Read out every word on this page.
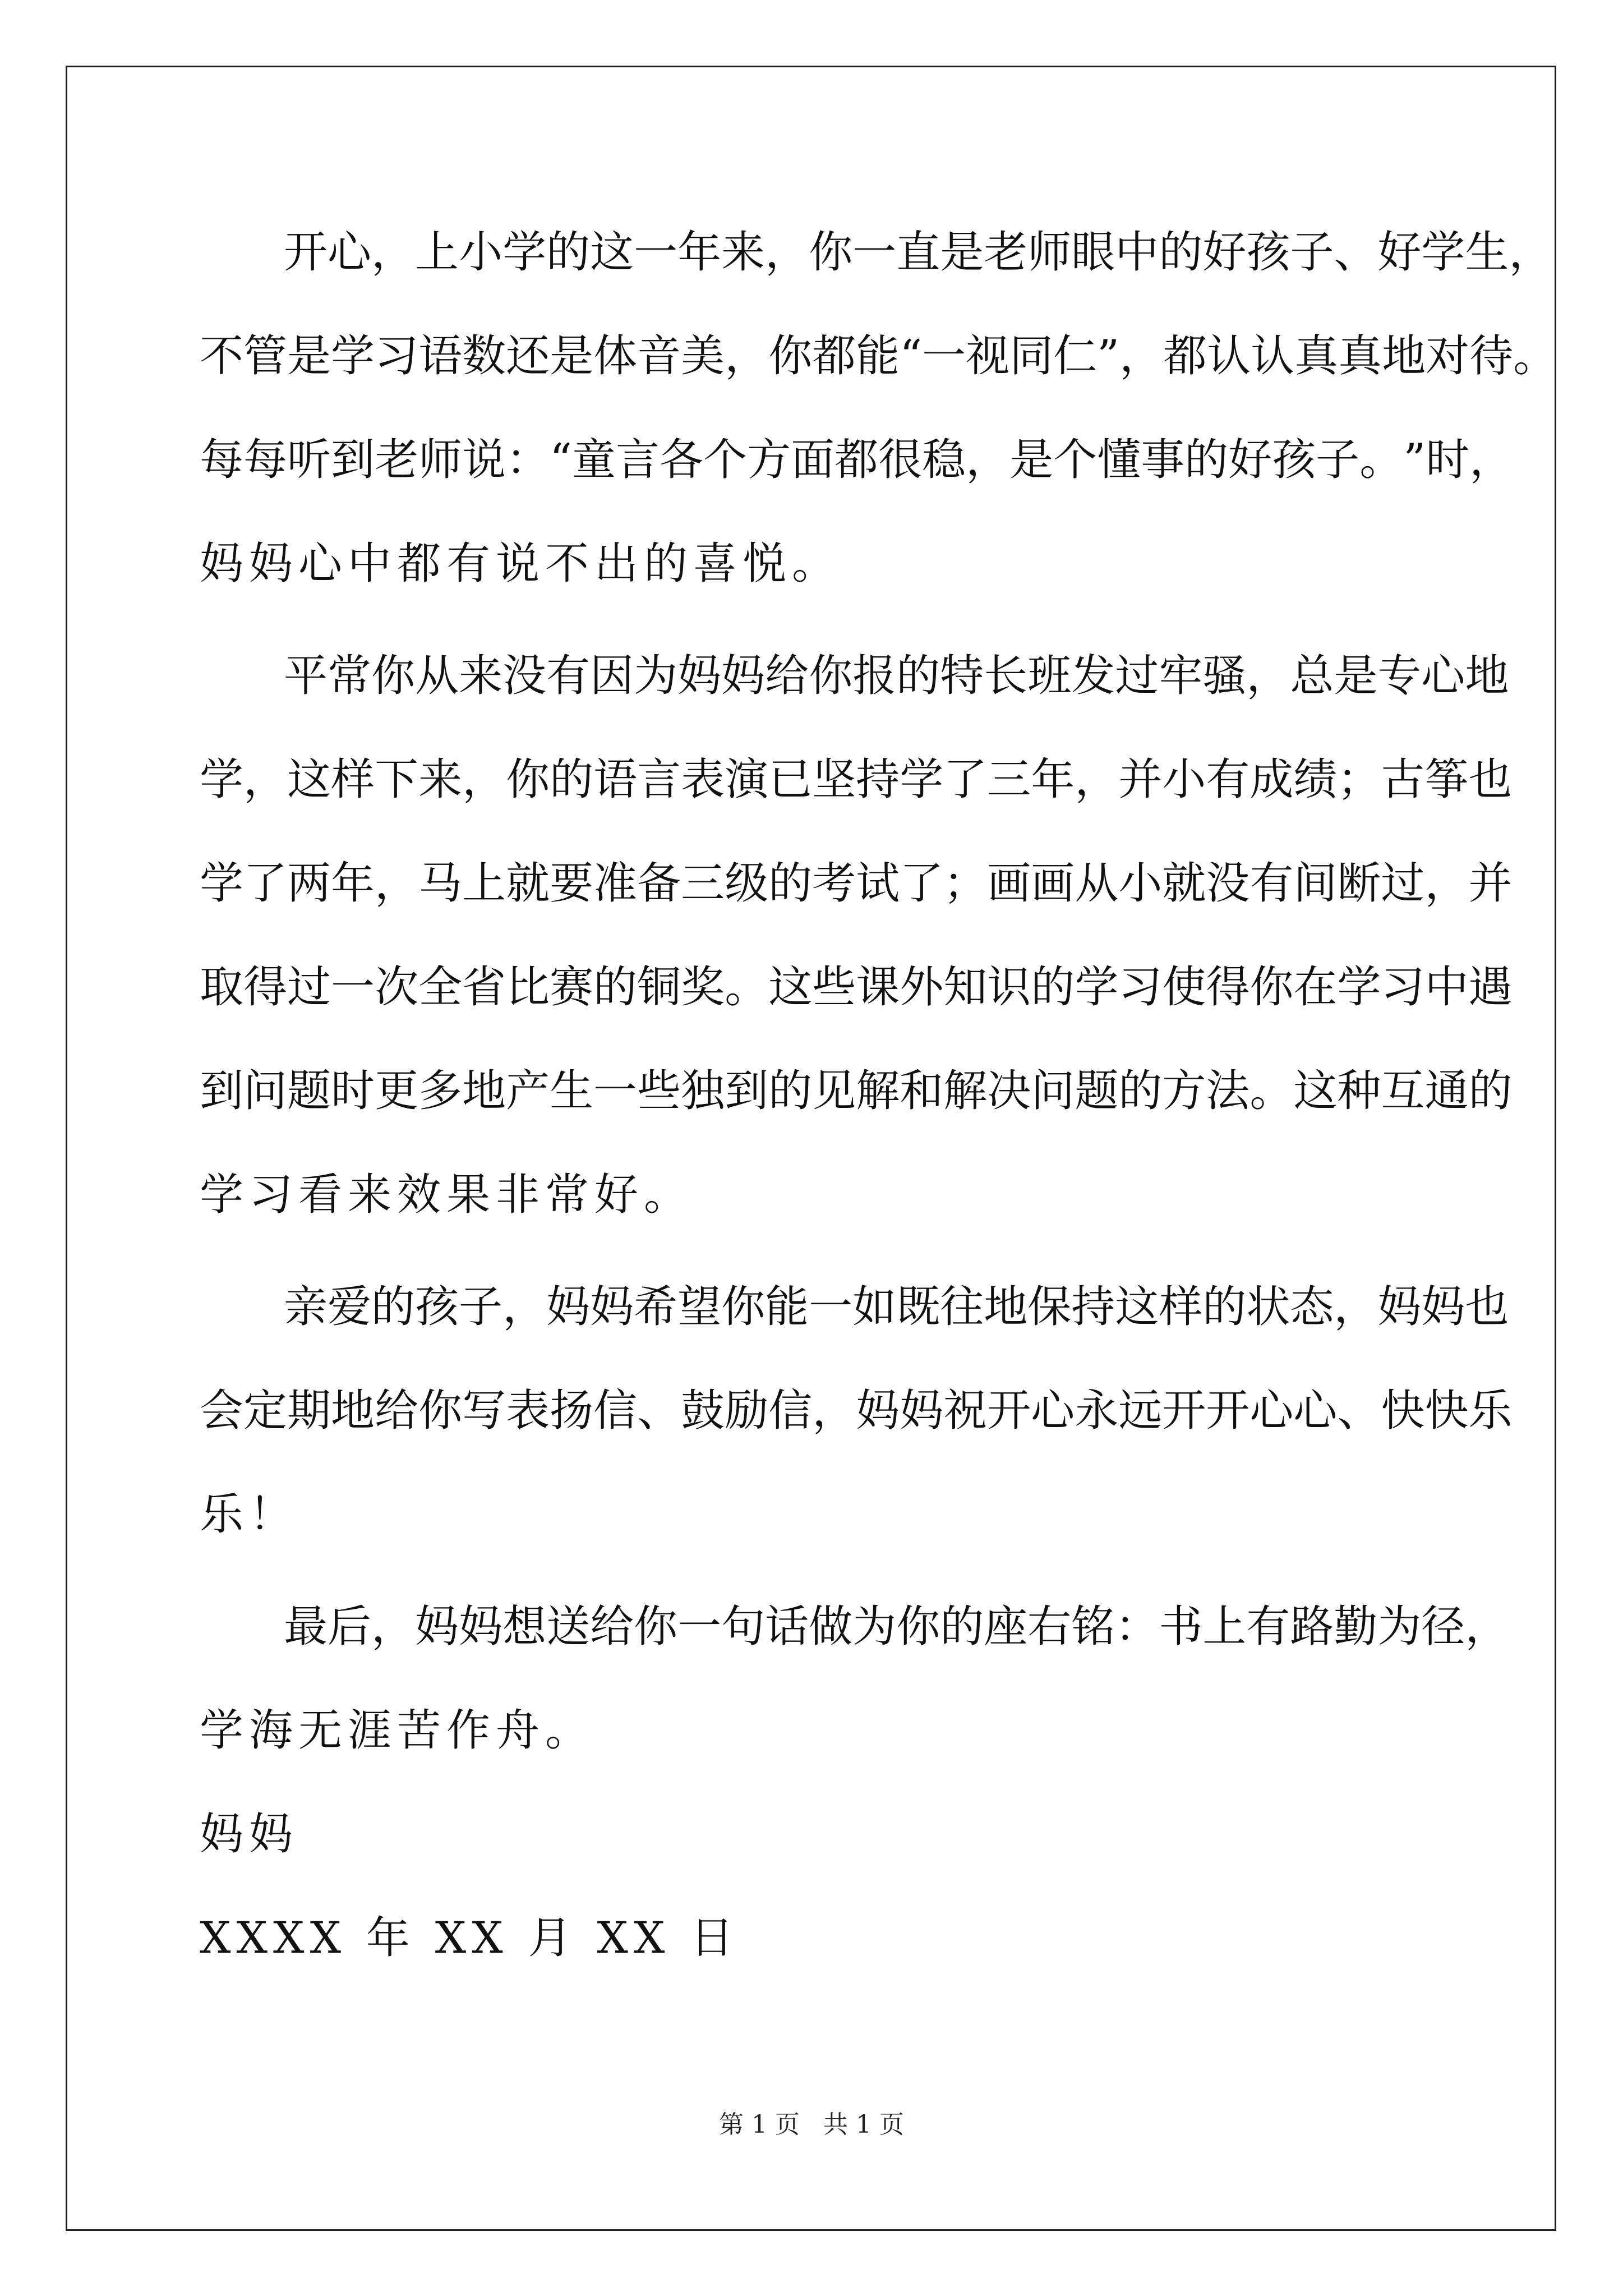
开 心 ， 上 小 学 的 这 一 年 来 ， 你 一 直 是 老 师 眼 中 的 好 孩 子 、 好 学 生 ，
不 管 是 学 习 语 数 还 是 体 音 美 ， 你 都 能 “ 一 视 同 仁 ” ， 都 认 认 真 真 地 对 待 。
每 每 听 到 老 师 说 ： “ 童 言 各 个 方 面 都 很 稳 ， 是 个 懂 事 的 好 孩 子 。 ” 时 ，
妈妈心中都有说不出的喜悦。
平 常 你 从 来 没 有 因 为 妈 妈 给 你 报 的 特 长 班 发 过 牢 骚 ， 总 是 专 心 地
学 ， 这 样 下 来 ， 你 的 语 言 表 演 已 坚 持 学 了 三 年 ， 并 小 有 成 绩 ； 古 筝 也
学 了 两 年 ， 马 上 就 要 准 备 三 级 的 考 试 了 ； 画 画 从 小 就 没 有 间 断 过 ， 并
取 得 过 一 次 全 省 比 赛 的 铜 奖 。 这 些 课 外 知 识 的 学 习 使 得 你 在 学 习 中 遇
到 问 题 时 更 多 地 产 生 一 些 独 到 的 见 解 和 解 决 问 题 的 方 法 。 这 种 互 通 的
学习看来效果非常好。
亲 爱 的 孩 子 ， 妈 妈 希 望 你 能 一 如 既 往 地 保 持 这 样 的 状 态 ， 妈 妈 也
会 定 期 地 给 你 写 表 扬 信 、 鼓 励 信 ， 妈 妈 祝 开 心 永 远 开 开 心 心 、 快 快 乐
乐！
最 后 ， 妈 妈 想 送 给 你 一 句 话 做 为 你 的 座 右 铭 ： 书 上 有 路 勤 为 径 ，
学海无涯苦作舟。
妈妈
XXXX 年 XX 月 XX 日
第 1 页   共 1 页
